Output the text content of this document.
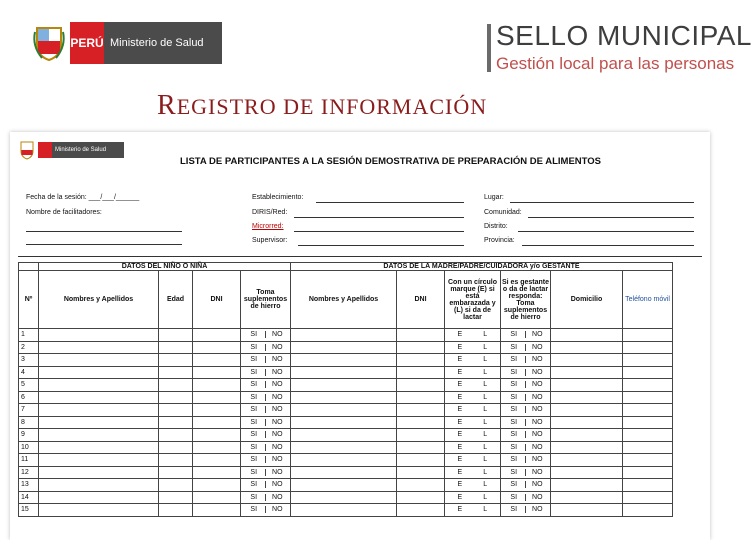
PERÚ Ministerio de Salud	SELLO MUNICIPAL
Gestión local para las personas
REGISTRO DE INFORMACIÓN
Ministerio de Salud
LISTA DE PARTICIPANTES A LA SESIÓN DEMOSTRATIVA DE PREPARACIÓN DE ALIMENTOS
Fecha de la sesión: ___/___/______
Nombre de facilitadores:
Establecimiento:
DIRIS/Red:
Microrred:
Supervisor:
Lugar:
Comunidad:
Distrito:
Provincia:
	DATOS DEL NIÑO O NIÑA				DATOS DE LA MADRE/PADRE/CUIDADORA y/o GESTANTE					
Nº	Nombres y Apellidos	Edad	DNI	Toma suplementos de hierro	Nombres y Apellidos	DNI	Con un círculo marque (E) si está embarazada y (L) si da de lactar	Si es gestante o da de lactar responda: Toma suplementos de hierro	Domicilio	Teléfono móvil
1				SI NO			E L	SI NO		
2				SI NO			E L	SI NO		
3				SI NO			E L	SI NO		
4				SI NO			E L	SI NO		
5				SI NO			E L	SI NO		
6				SI NO			E L	SI NO		
7				SI NO			E L	SI NO		
8				SI NO			E L	SI NO		
9				SI NO			E L	SI NO		
10				SI NO			E L	SI NO		
11				SI NO			E L	SI NO		
12				SI NO			E L	SI NO		
13				SI NO			E L	SI NO		
14				SI NO			E L	SI NO		
15				SI NO			E L	SI NO		
